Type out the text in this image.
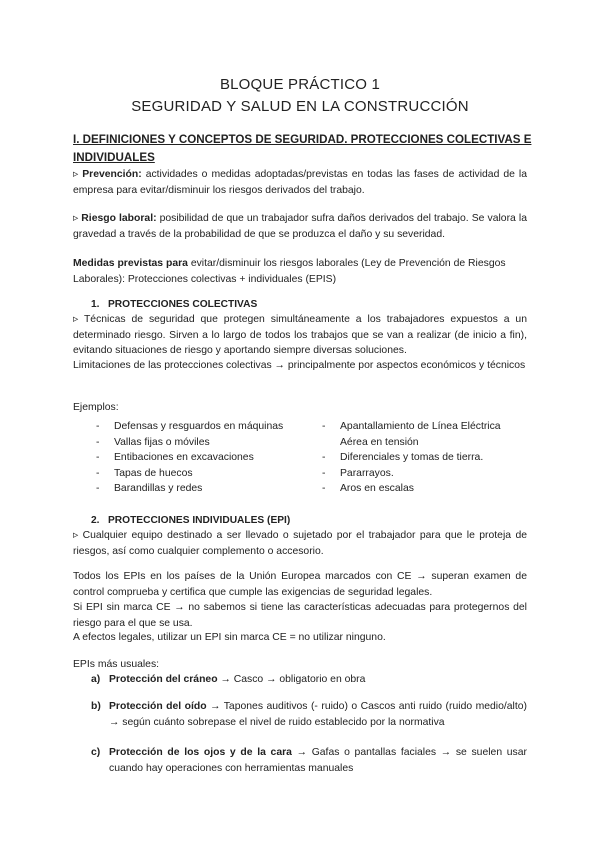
BLOQUE PRÁCTICO 1
SEGURIDAD Y SALUD EN LA CONSTRUCCIÓN
I. DEFINICIONES Y CONCEPTOS DE SEGURIDAD. PROTECCIONES COLECTIVAS E INDIVIDUALES
▹ Prevención: actividades o medidas adoptadas/previstas en todas las fases de actividad de la empresa para evitar/disminuir los riesgos derivados del trabajo.
▹ Riesgo laboral: posibilidad de que un trabajador sufra daños derivados del trabajo. Se valora la gravedad a través de la probabilidad de que se produzca el daño y su severidad.
Medidas previstas para evitar/disminuir los riesgos laborales (Ley de Prevención de Riesgos Laborales): Protecciones colectivas + individuales (EPIS)
1. PROTECCIONES COLECTIVAS
▹ Técnicas de seguridad que protegen simultáneamente a los trabajadores expuestos a un determinado riesgo. Sirven a lo largo de todos los trabajos que se van a realizar (de inicio a fin), evitando situaciones de riesgo y aportando siempre diversas soluciones.
Limitaciones de las protecciones colectivas → principalmente por aspectos económicos y técnicos
Ejemplos:
- Defensas y resguardos en máquinas
- Vallas fijas o móviles
- Entibaciones en excavaciones
- Tapas de huecos
- Barandillas y redes
- Apantallamiento de Línea Eléctrica Aérea en tensión
- Diferenciales y tomas de tierra.
- Pararrayos.
- Aros en escalas
2. PROTECCIONES INDIVIDUALES (EPI)
▹ Cualquier equipo destinado a ser llevado o sujetado por el trabajador para que le proteja de riesgos, así como cualquier complemento o accesorio.
Todos los EPIs en los países de la Unión Europea marcados con CE → superan examen de control comprueba y certifica que cumple las exigencias de seguridad legales.
Si EPI sin marca CE → no sabemos si tiene las características adecuadas para protegernos del riesgo para el que se usa.
A efectos legales, utilizar un EPI sin marca CE = no utilizar ninguno.
EPIs más usuales:
a) Protección del cráneo → Casco → obligatorio en obra
b) Protección del oído → Tapones auditivos (- ruido) o Cascos anti ruido (ruido medio/alto) → según cuánto sobrepase el nivel de ruido establecido por la normativa
c) Protección de los ojos y de la cara → Gafas o pantallas faciales → se suelen usar cuando hay operaciones con herramientas manuales
